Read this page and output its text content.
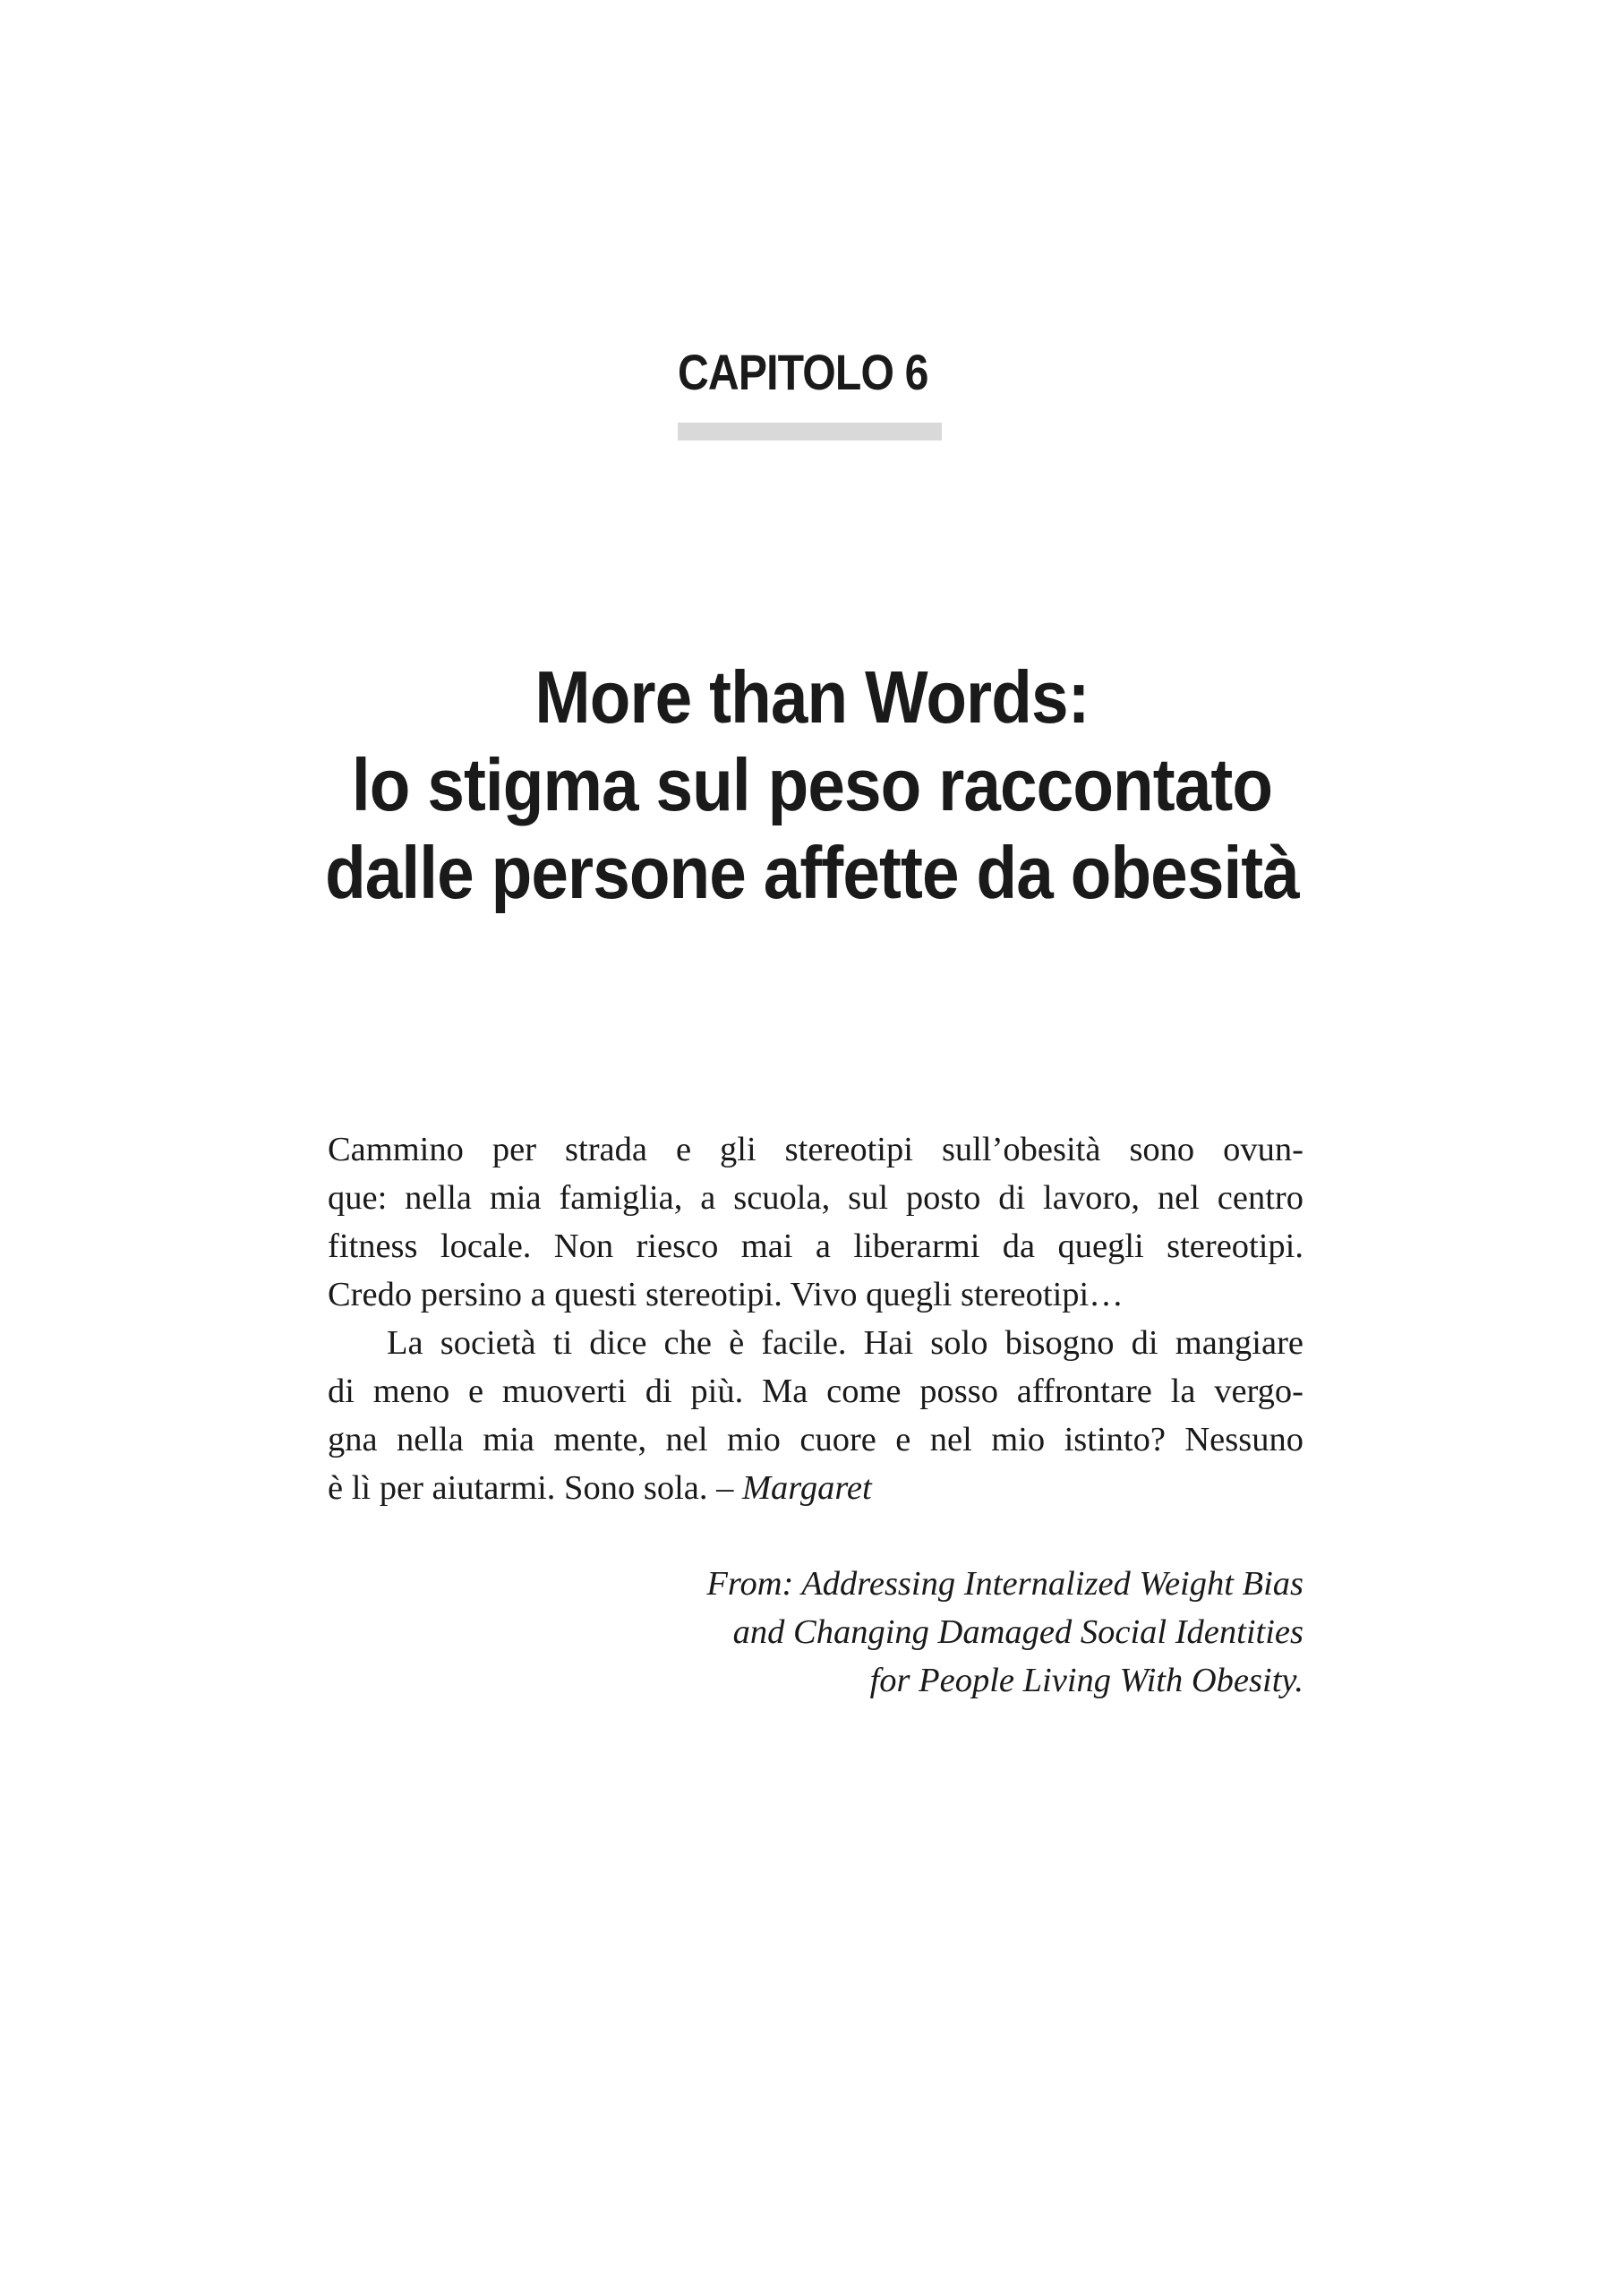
CAPITOLO 6
More than Words:
lo stigma sul peso raccontato
dalle persone affette da obesità

Cammino per strada e gli stereotipi sull’obesità sono ovun-
que: nella mia famiglia, a scuola, sul posto di lavoro, nel centro
fitness locale. Non riesco mai a liberarmi da quegli stereotipi.
Credo persino a questi stereotipi. Vivo quegli stereotipi…

La società ti dice che è facile. Hai solo bisogno di mangiare
di meno e muoverti di più. Ma come posso affrontare la vergo-
gna nella mia mente, nel mio cuore e nel mio istinto? Nessuno
è lì per aiutarmi. Sono sola. – Margaret

From: Addressing Internalized Weight Bias
and Changing Damaged Social Identities
for People Living With Obesity.
